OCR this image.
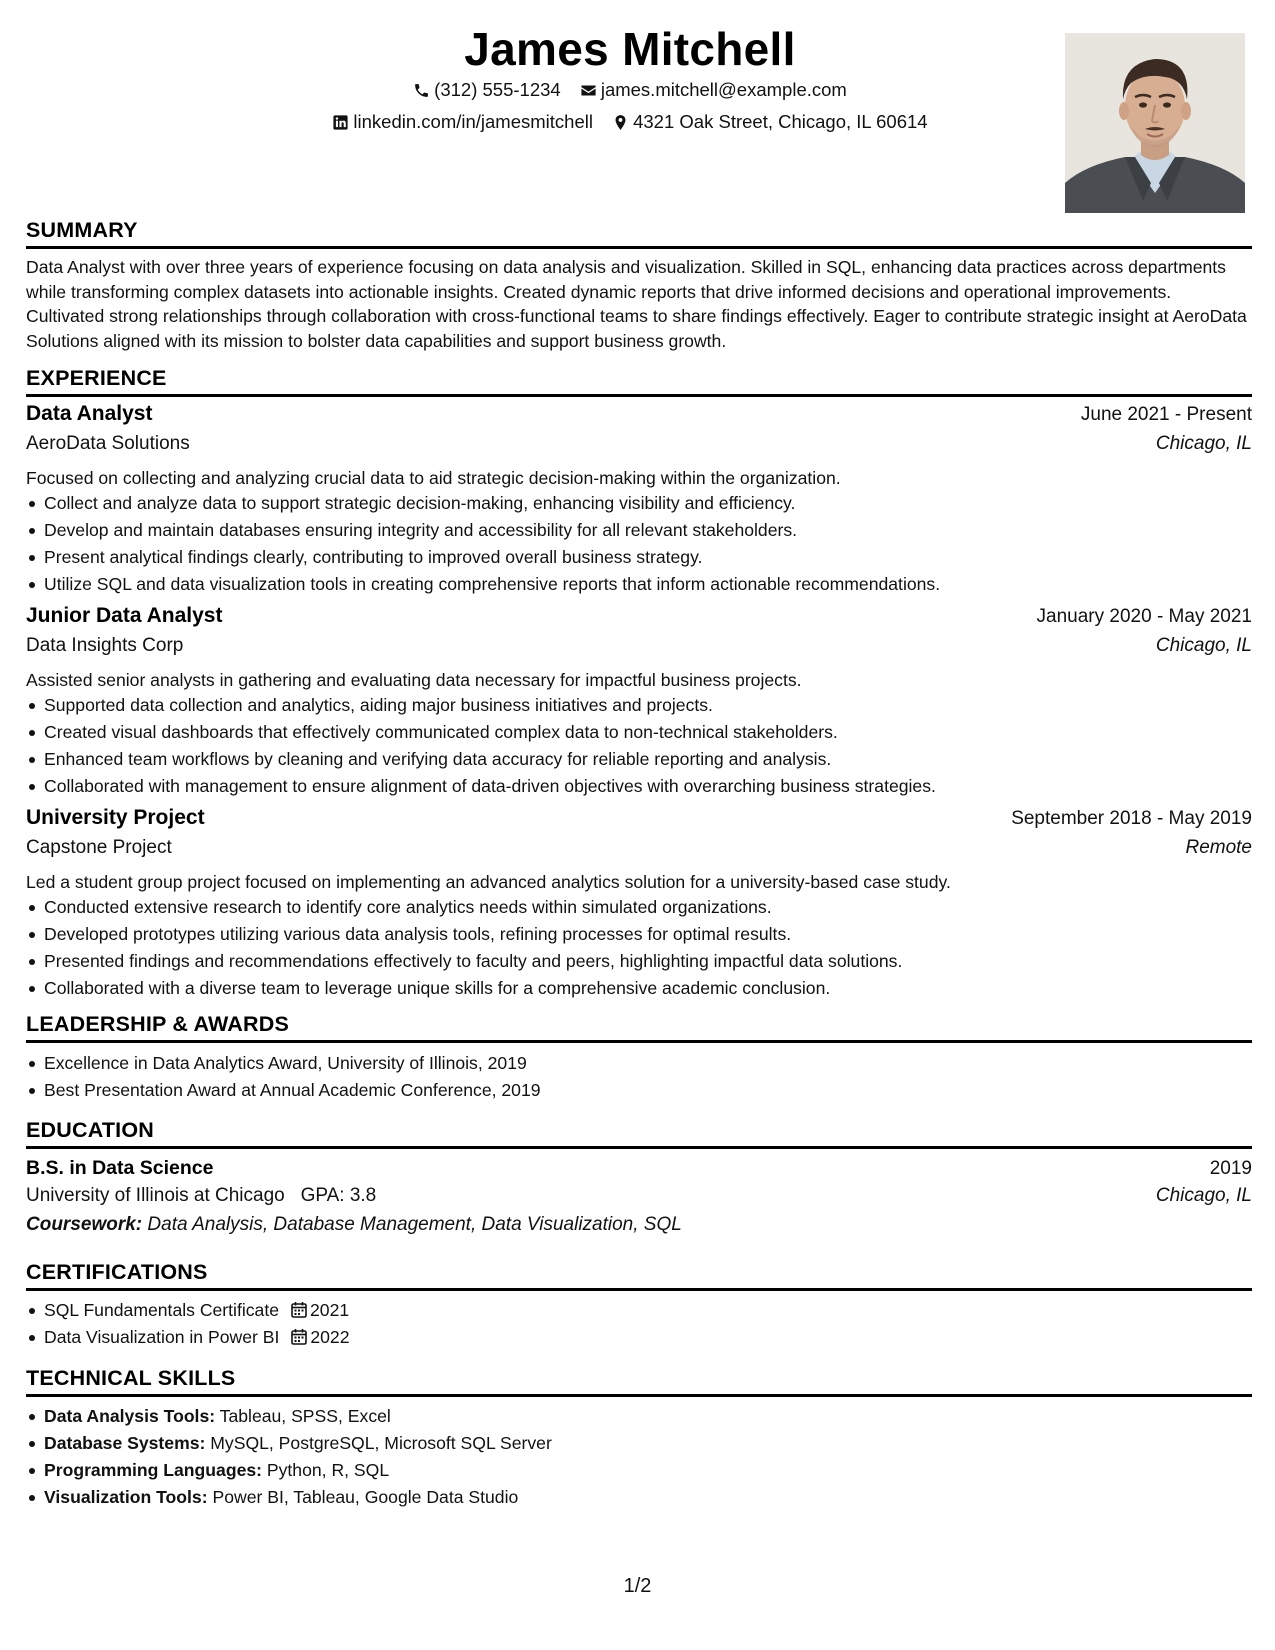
James Mitchell
(312) 555-1234
james.mitchell@example.com
linkedin.com/in/jamesmitchell
4321 Oak Street, Chicago, IL 60614
SUMMARY
Data Analyst with over three years of experience focusing on data analysis and visualization. Skilled in SQL, enhancing data practices across departments while transforming complex datasets into actionable insights. Created dynamic reports that drive informed decisions and operational improvements. Cultivated strong relationships through collaboration with cross-functional teams to share findings effectively. Eager to contribute strategic insight at AeroData Solutions aligned with its mission to bolster data capabilities and support business growth.
EXPERIENCE
Data Analyst	June 2021 - Present
AeroData Solutions	Chicago, IL
Focused on collecting and analyzing crucial data to aid strategic decision-making within the organization.
Collect and analyze data to support strategic decision-making, enhancing visibility and efficiency.
Develop and maintain databases ensuring integrity and accessibility for all relevant stakeholders.
Present analytical findings clearly, contributing to improved overall business strategy.
Utilize SQL and data visualization tools in creating comprehensive reports that inform actionable recommendations.
Junior Data Analyst	January 2020 - May 2021
Data Insights Corp	Chicago, IL
Assisted senior analysts in gathering and evaluating data necessary for impactful business projects.
Supported data collection and analytics, aiding major business initiatives and projects.
Created visual dashboards that effectively communicated complex data to non-technical stakeholders.
Enhanced team workflows by cleaning and verifying data accuracy for reliable reporting and analysis.
Collaborated with management to ensure alignment of data-driven objectives with overarching business strategies.
University Project	September 2018 - May 2019
Capstone Project	Remote
Led a student group project focused on implementing an advanced analytics solution for a university-based case study.
Conducted extensive research to identify core analytics needs within simulated organizations.
Developed prototypes utilizing various data analysis tools, refining processes for optimal results.
Presented findings and recommendations effectively to faculty and peers, highlighting impactful data solutions.
Collaborated with a diverse team to leverage unique skills for a comprehensive academic conclusion.
LEADERSHIP & AWARDS
Excellence in Data Analytics Award, University of Illinois, 2019
Best Presentation Award at Annual Academic Conference, 2019
EDUCATION
B.S. in Data Science	2019
University of Illinois at Chicago GPA: 3.8	Chicago, IL
Coursework: Data Analysis, Database Management, Data Visualization, SQL
CERTIFICATIONS
SQL Fundamentals Certificate 2021
Data Visualization in Power BI 2022
TECHNICAL SKILLS
Data Analysis Tools: Tableau, SPSS, Excel
Database Systems: MySQL, PostgreSQL, Microsoft SQL Server
Programming Languages: Python, R, SQL
Visualization Tools: Power BI, Tableau, Google Data Studio
1/2
